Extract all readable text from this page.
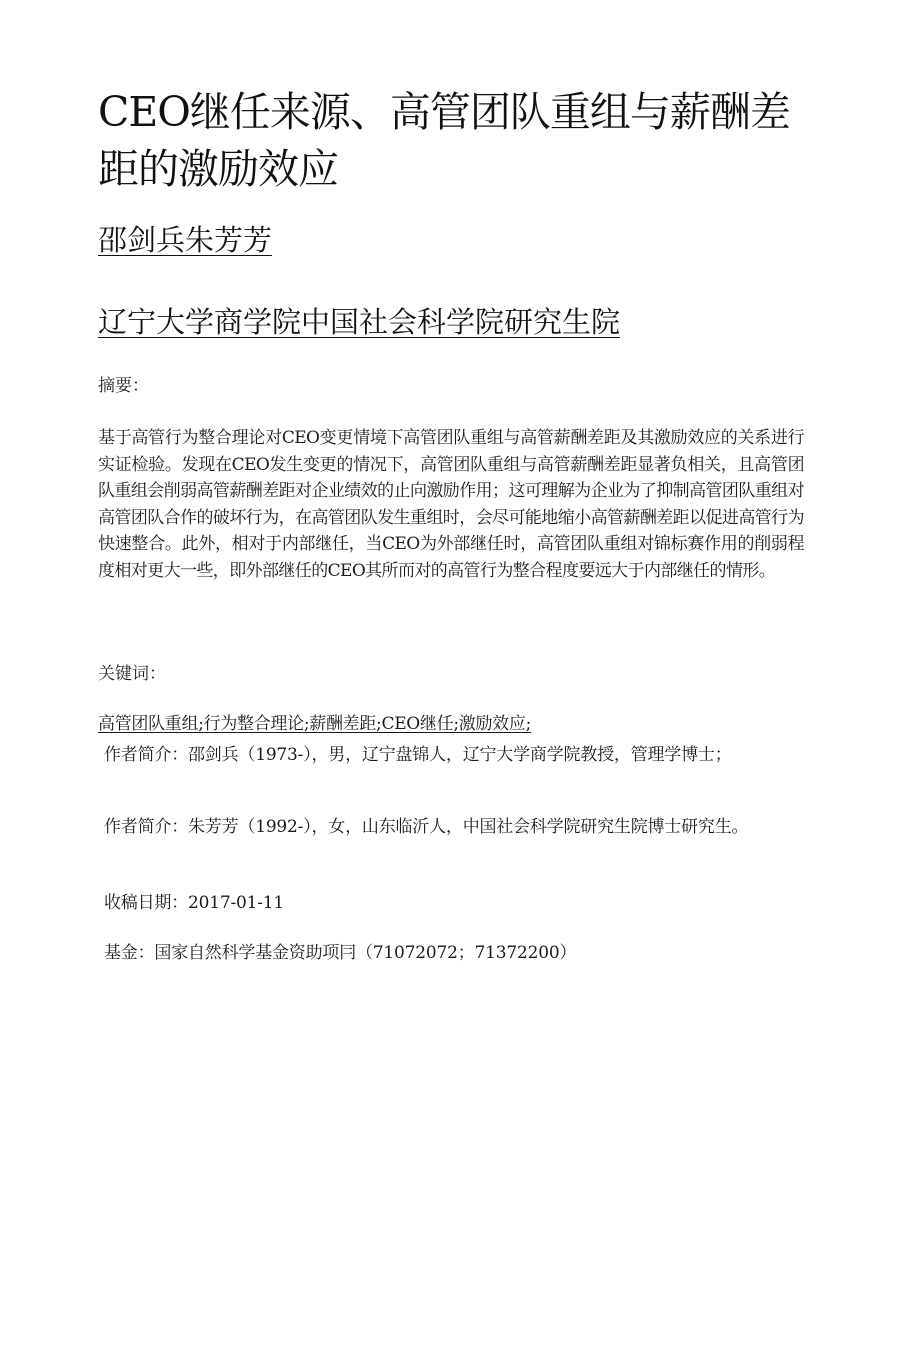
CEO继任来源、高管团队重组与薪酬差距的激励效应
邵剑兵朱芳芳
辽宁大学商学院中国社会科学院研究生院
摘要：

基于高管行为整合理论对CEO变更情境下高管团队重组与高管薪酬差距及其激励效应的关系进行实证检验。发现在CEO发生变更的情况下，高管团队重组与高管薪酬差距显著负相关，且高管团队重组会削弱高管薪酬差距对企业绩效的止向激励作用；这可理解为企业为了抑制高管团队重组对高管团队合作的破坏行为，在高管团队发生重组时，会尽可能地缩小高管薪酬差距以促进高管行为快速整合。此外，相对于内部继任，当CEO为外部继任时，高管团队重组对锦标赛作用的削弱程度相对更大一些，即外部继任的CEO其所而对的高管行为整合程度要远大于内部继任的情形。

关键词：
高管团队重组;行为整合理论;薪酬差距;CEO继任;激励效应;

作者简介：邵剑兵（1973-），男，辽宁盘锦人，辽宁大学商学院教授，管理学博士；

作者简介：朱芳芳（1992-），女，山东临沂人，中国社会科学院研究生院博士研究生。

收稿日期：2017-01-11

基金：国家自然科学基金资助项冃（71072072；71372200）
